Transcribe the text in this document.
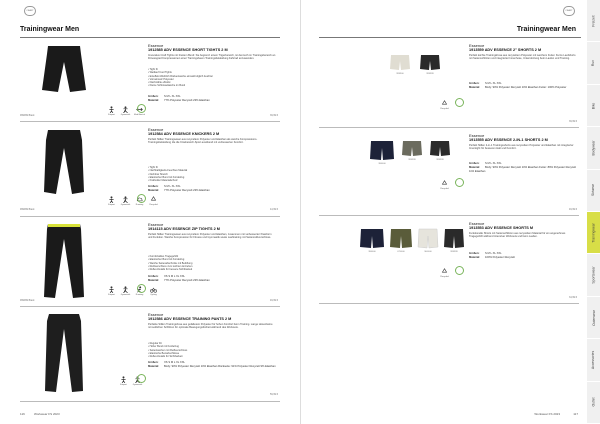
CRAFT
Trainingwear Men
999999 Black
Essence
1912585 ADV ESSENCE SHORT TIGHTS 2 M
Innovative Craft Tights mit breitem Bund: Sie begrenzt einem Trigerbereich, ist dennoch im Trainingsbereich an Fitnessgrad Kompressionen einer Trainingsbaum Trainingsbekleidung Fahrrad anzuwenden.
• Tight fit
• Weitlauf Cool Tights
• Enteffekt Weiblich Rückentasche einsatzmöglich feuchter
• Vorneinsatz Polyester
• Flachnähte effektiv
• Kleine Schlüsseltasche im Bund
Größen: S M L XL XXL
Material: 77% Polyester Recycelt 23% Elasthan
Fitsport	Gymnastik Mod-Stretch	39,99 €
999999 Black
Essence
1912584 ADV ESSENCE KNICKERS 2 M
Perfekt Stillen Trainingswear aus recyceltem Polyester und Elasthan als weiche Kompressions-Trainingsbekleidung die die Kniebereich-Sport ausübend mit verbesserten Komfort.
• Tight fit
• Nachhaltigkeits-Feuchtes Material
• Dehnbar Stretch
• Elastischer Bund mit Kordelzug
• Kraftvoller Materialschutz
Größen: S M L XL XXL
Material: 77% Polyester Recycelt 23% Elasthan
Fitsport	Gymnastik	Running	Recycled
44,99 €
999999 Black
Essence
1914115 ADV ESSENCE ZIP TIGHTS 2 M
Perfekt Stillen Trainingswear aus recyceltem Polyester und Elasthan, zusammen mit verbesserter Passform und Funktion. Weiche Kompression für Fitness und Gymnastik sowie Lauftraining mit Seitenreißverschluss.
• Komfortables Tragegefühl
• Elastischer Bund mit Kordelzug
• Weiche Seitenabschnitte mit Belüftung
• Reißverschluss zum leichten Anziehen
• Reflex-Details für bessere Sichtbarkeit
Größen: XS S M L XL XXL
Material: 77% Polyester Recycelt 23% Elasthan
Fitsport	Gymnastik	Running	Cycling
49,99 €
Essence
1912586 ADV ESSENCE TRAINING PANTS 2 M
Perfekte Stillen Trainingshose aus gefaltetem Polyester für hohen Komfort beim Training. Lange Hosenbeine mit seitlichen Schlitzen für optimale Bewegungsfreiheit während des Workouts.
• Regular Fit
• Hoher Bund mit Kordelzug
• Seitentaschen mit Reißverschluss
• Elastische Beinabschlüsse
• Reflex-Details für Sichtbarkeit
Größen: XS S M L XL XXL
Material: Body: 90% Polyester Recycelt 10% Elasthan Rückseite: 91% Polyester Recycelt 9% Elasthan
Fitsport	Gymnastik
59,99 €
116	Workwear FS 2023
CRAFT
Trainingwear Men
999900	999999
Essence
1913559 ADV ESSENCE 2" SHORTS 2 M
Perfekt leichte Trainingshose aus recyceltem Polyester mit weichem Futter. Kurze Laufshorts mit Seitenschlitzen und integrierter Innenhose, Unterstützung beim Laufen und Training.
Größen: S M L XL XXL
Material: Body: 90% Polyester Recycelt 10% Elasthan Futter: 100% Polyester
Recycled
39,99 €
396000
999999	999999
Essence
1913555 ADV ESSENCE 2-IN-1 SHORTS 2 M
Perfekt Stillen 2-in-1 Trainingsshorts aus recyceltem Polyester und Elasthan mit integrierter Innentight für besseren Halt und Komfort.
Größen: S M L XL XXL
Material: Body: 90% Polyester Recycelt 10% Elasthan Futter: 89% Polyester Recycelt 11% Elasthan
Recycled
49,99 €
396000	675000	900000	999999
Essence
1913553 ADV ESSENCE SHORTS M
Funktionelle Shorts mit Seitenschlitzen aus recyceltem Material für ein angenehmes Tragegefühl während intensiver Workouts und beim Laufen.
Größen: S M L XL XXL
Material: 100% Polyester Recycelt
Recycled
34,99 €
Workwear FS 2023	117
Freizeit
Run
Bike
Bodywear
Skiwear
Trainingwear
Sportswear
Outerwear
Accessories
Outlet
